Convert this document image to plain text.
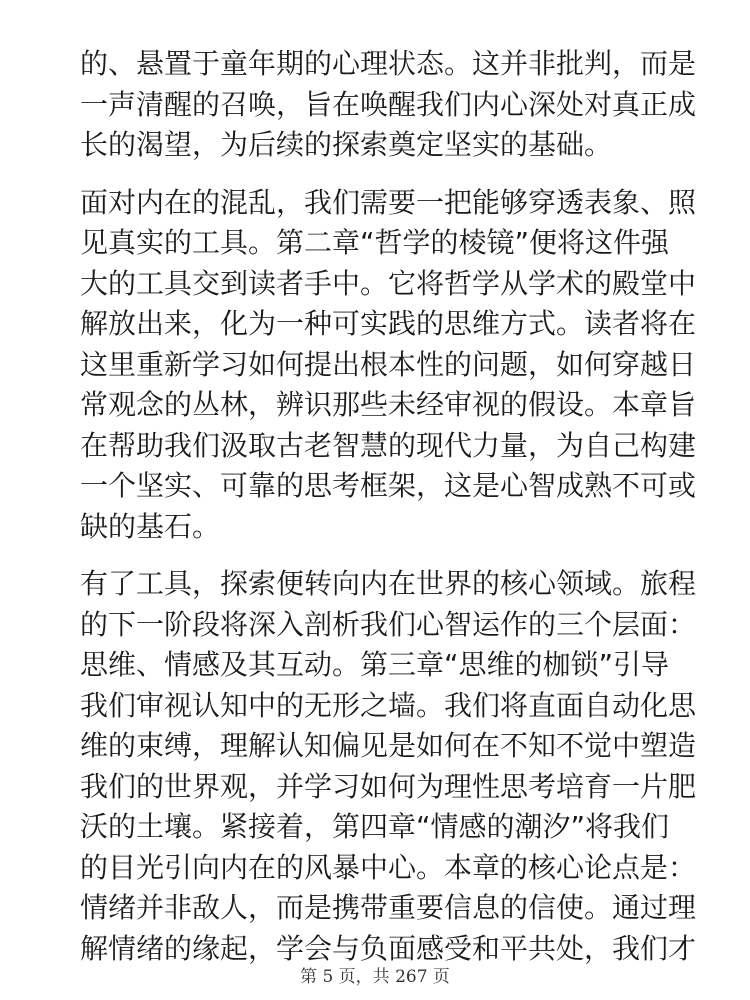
的、悬置于童年期的心理状态。这并非批判，而是
一声清醒的召唤，旨在唤醒我们内心深处对真正成
长的渴望，为后续的探索奠定坚实的基础。

面对内在的混乱，我们需要一把能够穿透表象、照
见真实的工具。第二章“哲学的棱镜”便将这件强
大的工具交到读者手中。它将哲学从学术的殿堂中
解放出来，化为一种可实践的思维方式。读者将在
这里重新学习如何提出根本性的问题，如何穿越日
常观念的丛林，辨识那些未经审视的假设。本章旨
在帮助我们汲取古老智慧的现代力量，为自己构建
一个坚实、可靠的思考框架，这是心智成熟不可或
缺的基石。

有了工具，探索便转向内在世界的核心领域。旅程
的下一阶段将深入剖析我们心智运作的三个层面：
思维、情感及其互动。第三章“思维的枷锁”引导
我们审视认知中的无形之墙。我们将直面自动化思
维的束缚，理解认知偏见是如何在不知不觉中塑造
我们的世界观，并学习如何为理性思考培育一片肥
沃的土壤。紧接着，第四章“情感的潮汐”将我们
的目光引向内在的风暴中心。本章的核心论点是：
情绪并非敌人，而是携带重要信息的信使。通过理
解情绪的缘起，学会与负面感受和平共处，我们才

第 5 页，共 267 页
